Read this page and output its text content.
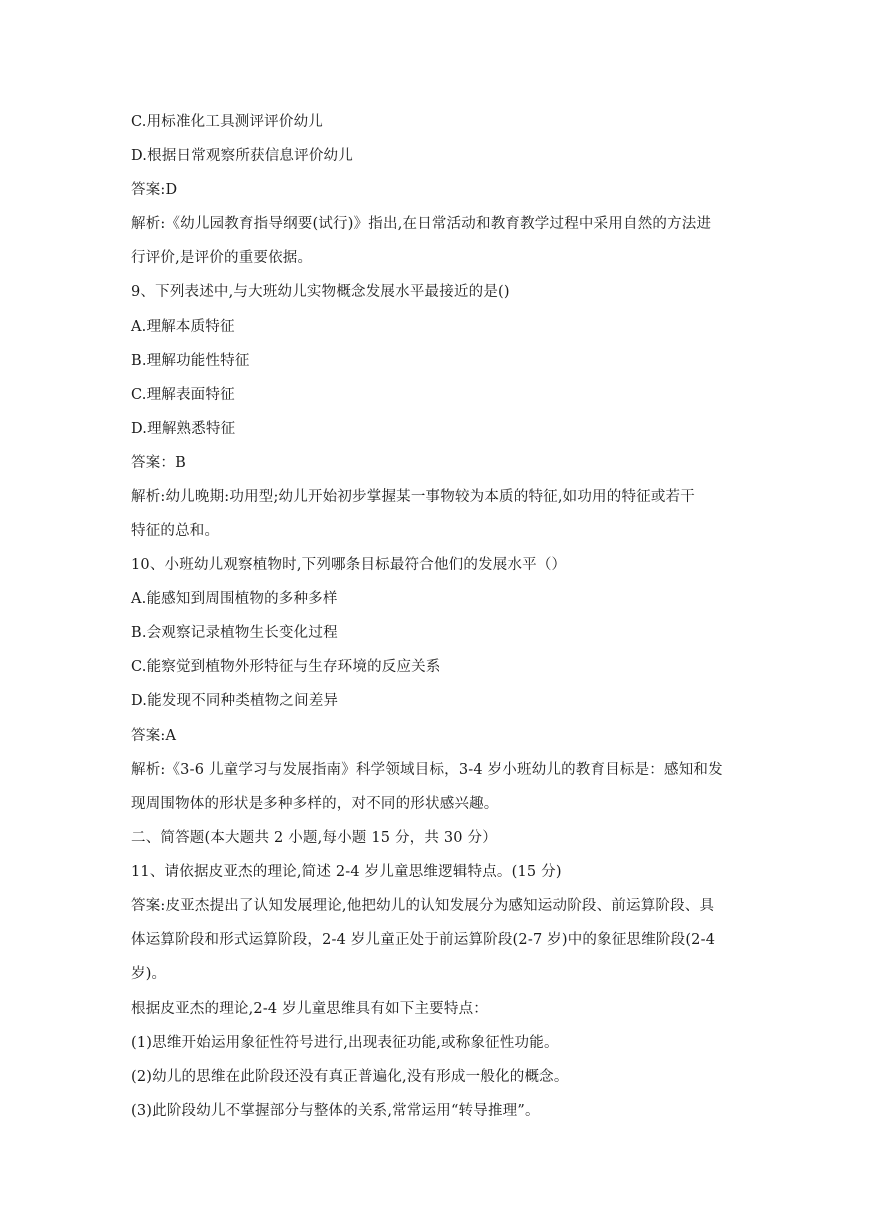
C.用标准化工具测评评价幼儿
D.根据日常观察所获信息评价幼儿
答案:D
解析:《幼儿园教育指导纲要(试行)》指出,在日常活动和教育教学过程中采用自然的方法进
行评价,是评价的重要依据。
9、下列表述中,与大班幼儿实物概念发展水平最接近的是()
A.理解本质特征
B.理解功能性特征
C.理解表面特征
D.理解熟悉特征
答案：B
解析:幼儿晚期:功用型;幼儿开始初步掌握某一事物较为本质的特征,如功用的特征或若干
特征的总和。
10、小班幼儿观察植物时,下列哪条目标最符合他们的发展水平（）
A.能感知到周围植物的多种多样
B.会观察记录植物生长变化过程
C.能察觉到植物外形特征与生存环境的反应关系
D.能发现不同种类植物之间差异
答案:A
解析:《3-6 儿童学习与发展指南》科学领域目标，3-4 岁小班幼儿的教育目标是：感知和发
现周围物体的形状是多种多样的，对不同的形状感兴趣。
二、简答题(本大题共 2 小题,每小题 15 分，共 30 分）
11、请依据皮亚杰的理论,简述 2-4 岁儿童思维逻辑特点。(15 分)
答案:皮亚杰提出了认知发展理论,他把幼儿的认知发展分为感知运动阶段、前运算阶段、具
体运算阶段和形式运算阶段，2-4 岁儿童正处于前运算阶段(2-7 岁)中的象征思维阶段(2-4
岁)。
根据皮亚杰的理论,2-4 岁儿童思维具有如下主要特点：
(1)思维开始运用象征性符号进行,出现表征功能,或称象征性功能。
(2)幼儿的思维在此阶段还没有真正普遍化,没有形成一般化的概念。
(3)此阶段幼儿不掌握部分与整体的关系,常常运用“转导推理”。
